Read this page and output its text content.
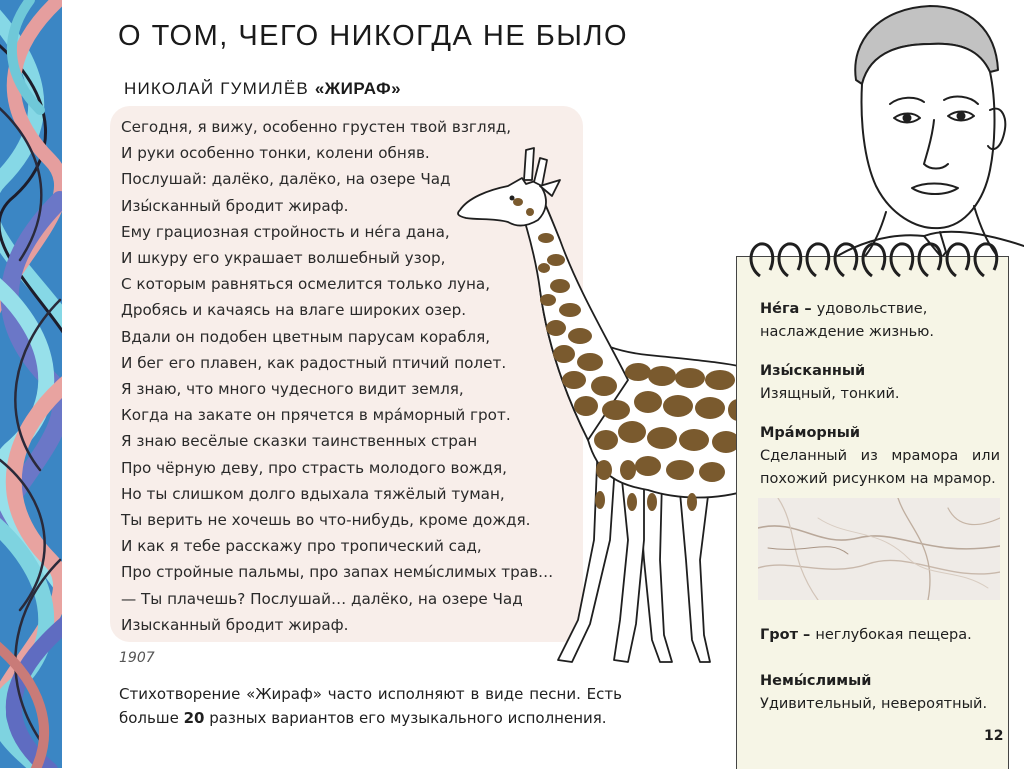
О ТОМ, ЧЕГО НИКОГДА НЕ БЫЛО
НИКОЛАЙ ГУМИЛЁВ «ЖИРАФ»
Сегодня, я вижу, особенно грустен твой взгляд,
И руки особенно тонки, колени обняв.
Послушай: далёко, далёко, на озере Чад
Изы́сканный бродит жираф.
Ему грациозная стройность и не́га дана,
И шкуру его украшает волшебный узор,
С которым равняться осмелится только луна,
Дробясь и качаясь на влаге широких озер.
Вдали он подобен цветным парусам корабля,
И бег его плавен, как радостный птичий полет.
Я знаю, что много чудесного видит земля,
Когда на закате он прячется в мра́морный грот.
Я знаю весёлые сказки таинственных стран
Про чёрную деву, про страсть молодого вождя,
Но ты слишком долго вдыхала тяжёлый туман,
Ты верить не хочешь во что-нибудь, кроме дождя.
И как я тебе расскажу про тропический сад,
Про стройные пальмы, про запах немы́слимых трав…
— Ты плачешь? Послушай… далёко, на озере Чад
Изысканный бродит жираф.
1907
Стихотворение «Жираф» часто исполняют в виде песни. Есть больше 20 разных вариантов его музыкального исполнения.
Не́га – удовольствие, наслаждение жизнью.
Изы́сканный
Изящный, тонкий.
Мра́морный
Сделанный из мрамора или похожий рисунком на мрамор.
Грот – неглубокая пещера.
Немы́слимый
Удивительный, невероятный.
12
